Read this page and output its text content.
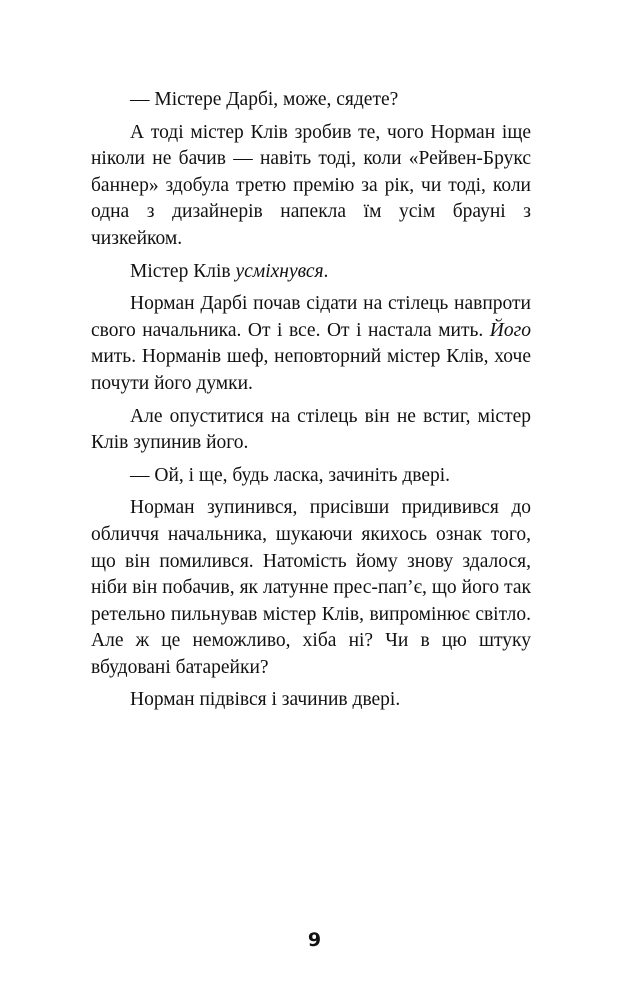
— Містере Дарбі, може, сядете?

А тоді містер Клів зробив те, чого Норман іще ніколи не бачив — навіть тоді, коли «Рейвен-Брукс баннер» здобула третю премію за рік, чи тоді, коли одна з дизайнерів напекла їм усім брауні з чизкейком.

Містер Клів усміхнувся.

Норман Дарбі почав сідати на стілець навпроти свого начальника. От і все. От і настала мить. Його мить. Норманів шеф, неповторний містер Клів, хоче почути його думки.

Але опуститися на стілець він не встиг, містер Клів зупинив його.

— Ой, і ще, будь ласка, зачиніть двері.

Норман зупинився, присівши придивився до обличчя начальника, шукаючи якихось ознак того, що він помилився. Натомість йому знову здалося, ніби він побачив, як латунне прес-пап’є, що його так ретельно пильнував містер Клів, випромінює світло. Але ж це неможливо, хіба ні? Чи в цю штуку вбудовані батарейки?

Норман підвівся і зачинив двері.

9
